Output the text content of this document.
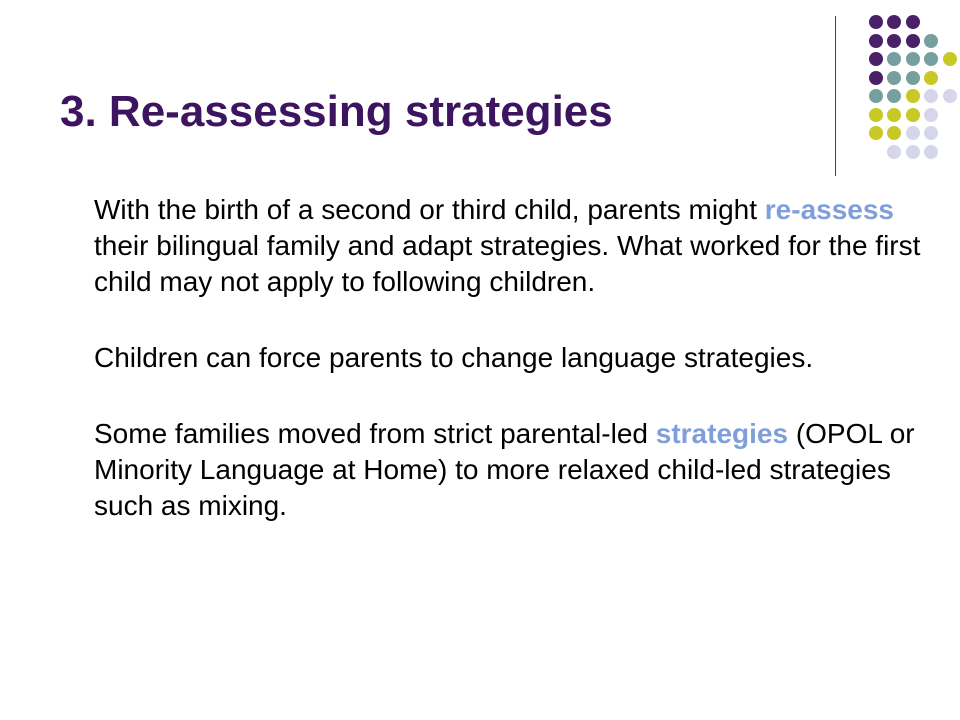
3. Re-assessing strategies

With the birth of a second or third child, parents might re-assess their bilingual family and adapt strategies. What worked for the first child may not apply to following children.

Children can force parents to change language strategies.

Some families moved from strict parental-led strategies (OPOL or Minority Language at Home) to more relaxed child-led strategies such as mixing.
